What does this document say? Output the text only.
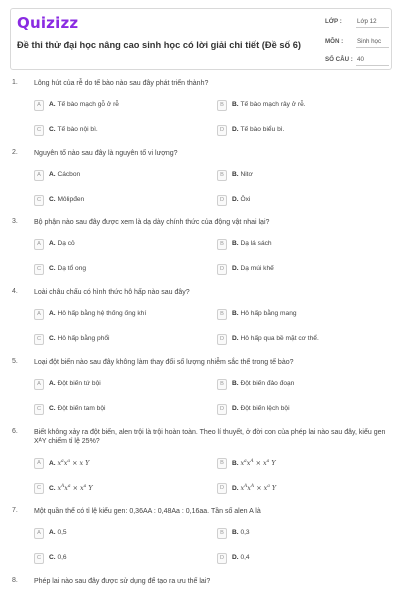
Quizizz
Đề thi thử đại học nâng cao sinh học có lời giải chi tiết (Đề số 6)
LỚP : Lớp 12
MÔN : Sinh học
SỐ CÂU : 40
1. Lông hút của rễ do tế bào nào sau đây phát triển thành?
A	A. Tế bào mạch gỗ ở rễ	B	B. Tế bào mạch rây ở rễ.
C	C. Tế bào nội bì.	D	D. Tế bào biểu bì.
2. Nguyên tố nào sau đây là nguyên tố vi lượng?
A	A. Cácbon	B	B. Nitơ
C	C. Môlipđen	D	D. Ôxi
3. Bộ phận nào sau đây được xem là dạ dày chính thức của động vật nhai lại?
A	A. Dạ cỏ	B	B. Dạ lá sách
C	C. Dạ tổ ong	D	D. Dạ múi khế
4. Loài châu chấu có hình thức hô hấp nào sau đây?
A	A. Hô hấp bằng hệ thống ống khí	B	B. Hô hấp bằng mang
C	C. Hô hấp bằng phổi	D	D. Hô hấp qua bề mặt cơ thể.
5. Loại đột biến nào sau đây không làm thay đổi số lượng nhiễm sắc thể trong tế bào?
A	A. Đột biến tứ bội	B	B. Đột biến đảo đoạn
C	C. Đột biến tam bội	D	D. Đột biến lệch bội
6. Biết không xảy ra đột biến, alen trội là trội hoàn toàn. Theo lí thuyết, ở đời con của phép lai nào sau đây, kiểu gen XᴬY chiếm tỉ lệ 25%?
A	A. $x^ax^a \times x$ Y	B	B. $x^ax^A \times x^a$ Y
C	C. $x^Ax^a \times x^a$ Y	D	D. $x^Ax^A \times x^a$ Y
7. Một quần thể có tỉ lệ kiểu gen: 0,36AA : 0,48Aa : 0,16aa. Tần số alen A là
A	A. 0,5	B	B. 0,3
C	C. 0,6	D	D. 0,4
8. Phép lai nào sau đây được sử dụng để tạo ra ưu thế lai?
